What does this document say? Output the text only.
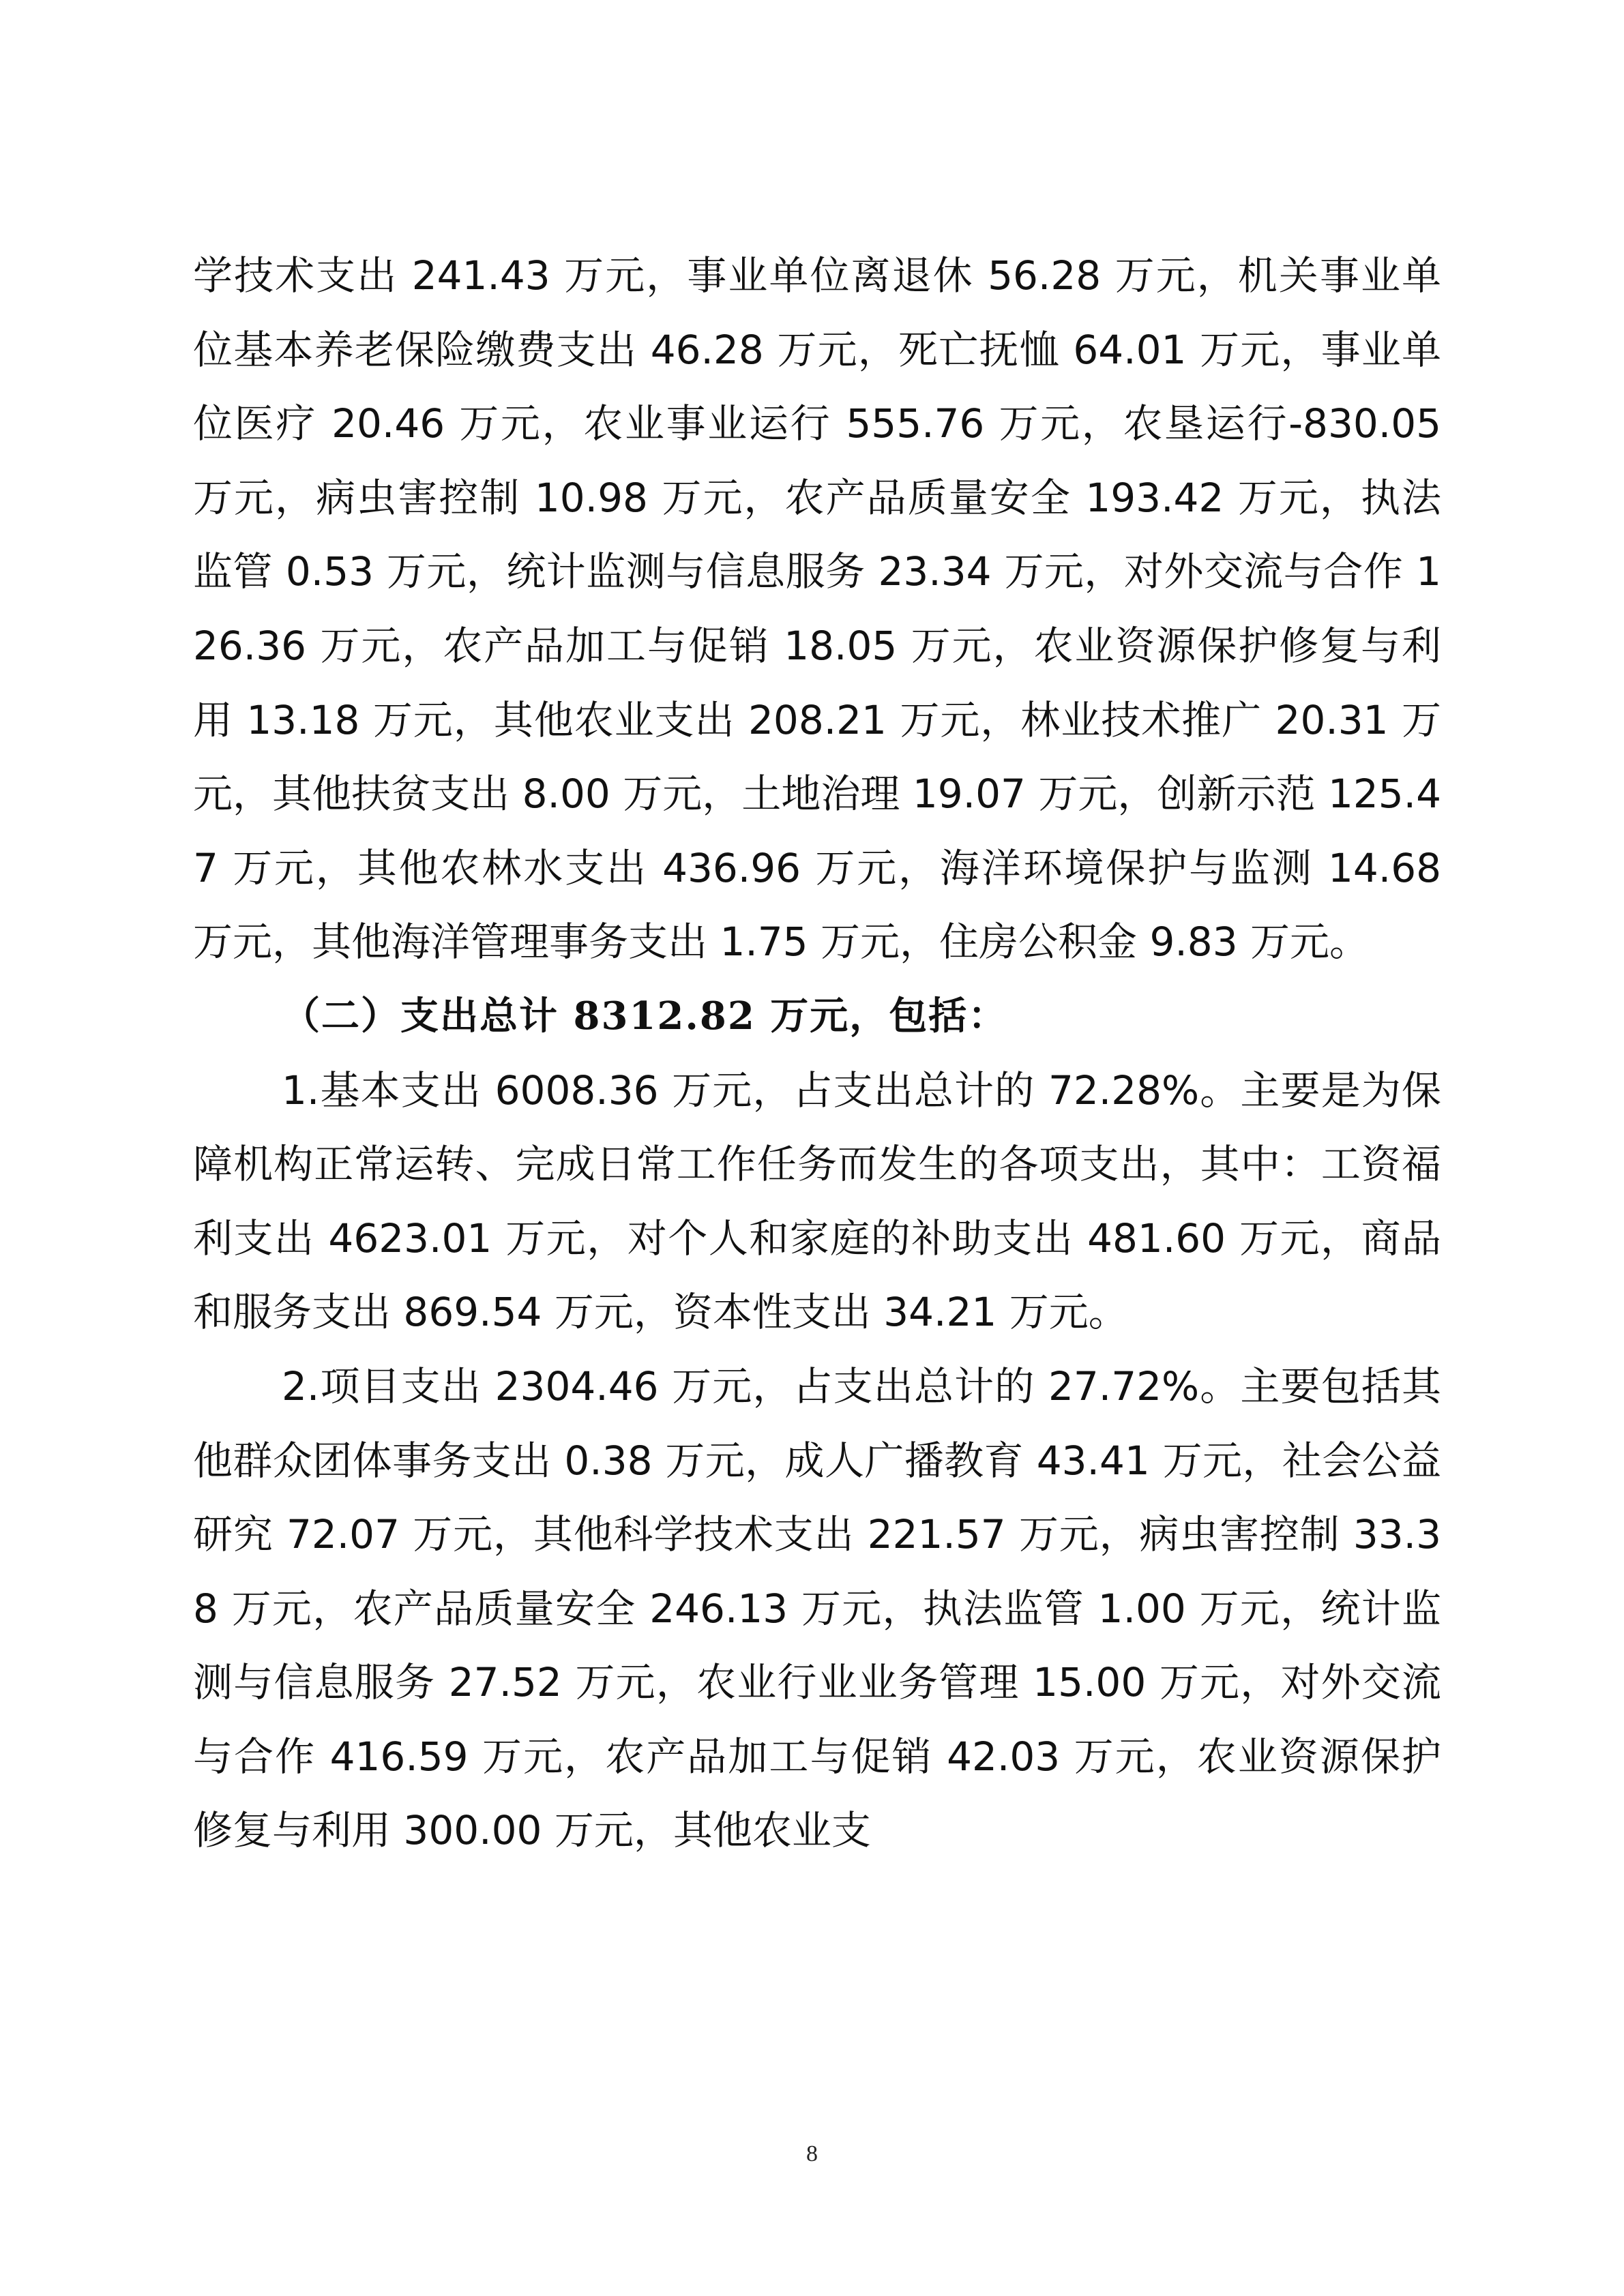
学技术支出 241.43 万元，事业单位离退休 56.28 万元，机关事业单位基本养老保险缴费支出 46.28 万元，死亡抚恤 64.01 万元，事业单位医疗 20.46 万元，农业事业运行 555.76 万元，农垦运行-830.05 万元，病虫害控制 10.98 万元，农产品质量安全 193.42 万元，执法监管 0.53 万元，统计监测与信息服务 23.34 万元，对外交流与合作 126.36 万元，农产品加工与促销 18.05 万元，农业资源保护修复与利用 13.18 万元，其他农业支出 208.21 万元，林业技术推广 20.31 万元，其他扶贫支出 8.00 万元，土地治理 19.07 万元，创新示范 125.47 万元，其他农林水支出 436.96 万元，海洋环境保护与监测 14.68 万元，其他海洋管理事务支出 1.75 万元，住房公积金 9.83 万元。

（二）支出总计 8312.82 万元，包括：

1.基本支出 6008.36 万元，占支出总计的 72.28%。主要是为保障机构正常运转、完成日常工作任务而发生的各项支出，其中：工资福利支出 4623.01 万元，对个人和家庭的补助支出 481.60 万元，商品和服务支出 869.54 万元，资本性支出 34.21 万元。

2.项目支出 2304.46 万元，占支出总计的 27.72%。主要包括其他群众团体事务支出 0.38 万元，成人广播教育 43.41 万元，社会公益研究 72.07 万元，其他科学技术支出 221.57 万元，病虫害控制 33.38 万元，农产品质量安全 246.13 万元，执法监管 1.00 万元，统计监测与信息服务 27.52 万元，农业行业业务管理 15.00 万元，对外交流与合作 416.59 万元，农产品加工与促销 42.03 万元，农业资源保护修复与利用 300.00 万元，其他农业支

8
